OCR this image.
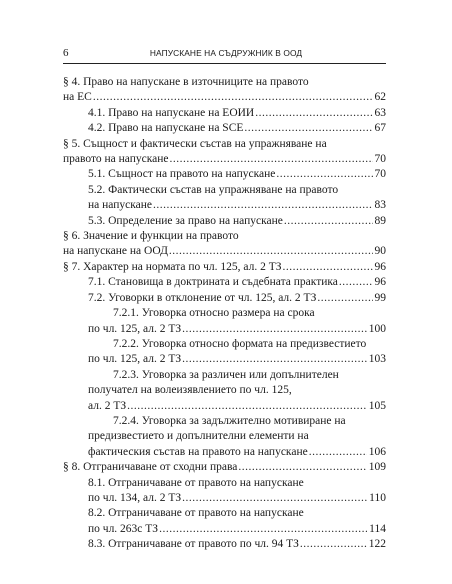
6	НАПУСКАНЕ НА СЪДРУЖНИК В ООД
§ 4. Право на напускане в източниците на правото
на ЕС .....	62
4.1. Право на напускане на ЕОИИ .....	63
4.2. Право на напускане на SCE .....	67
§ 5. Същност и фактически състав на упражняване на
правото на напускане .....	70
5.1. Същност на правото на напускане .....	70
5.2. Фактически състав на упражняване на правото
на напускане .....	83
5.3. Определение за право на напускане .....	89
§ 6. Значение и функции на правото
на напускане на ООД .....	90
§ 7. Характер на нормата по чл. 125, ал. 2 ТЗ .....	96
7.1. Становища в доктрината и съдебната практика .....	96
7.2. Уговорки в отклонение от чл. 125, ал. 2 ТЗ .....	99
7.2.1. Уговорка относно размера на срока
по чл. 125, ал. 2 ТЗ .....	100
7.2.2. Уговорка относно формата на предизвестието
по чл. 125, ал. 2 ТЗ .....	103
7.2.3. Уговорка за различен или допълнителен
получател на волеизявлението по чл. 125,
ал. 2 ТЗ .....	105
7.2.4. Уговорка за задължително мотивиране на
предизвестието и допълнителни елементи на
фактическия състав на правото на напускане .....	106
§ 8. Отграничаване от сходни права .....	109
8.1. Отграничаване от правото на напускане
по чл. 134, ал. 2 ТЗ .....	110
8.2. Отграничаване от правото на напускане
по чл. 263с ТЗ .....	114
8.3. Отграничаване от правото по чл. 94 ТЗ .....	122
